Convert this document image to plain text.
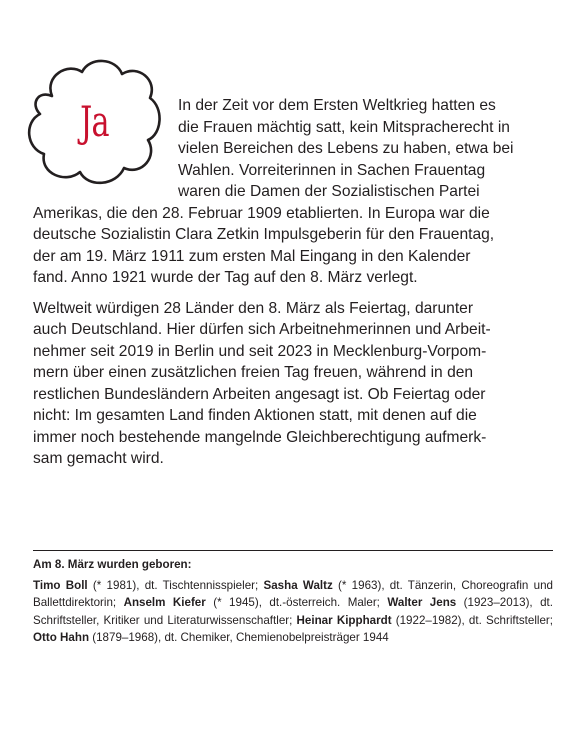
Ja	In der Zeit vor dem Ersten Weltkrieg hatten es
die Frauen mächtig satt, kein Mitspracherecht in
vielen Bereichen des Lebens zu haben, etwa bei
Wahlen. Vorreiterinnen in Sachen Frauentag
waren die Damen der Sozialistischen Partei
Amerikas, die den 28. Februar 1909 etablierten. In Europa war die
deutsche Sozialistin Clara Zetkin Impulsgeberin für den Frauentag,
der am 19. März 1911 zum ersten Mal Eingang in den Kalender
fand. Anno 1921 wurde der Tag auf den 8. März verlegt.
Weltweit würdigen 28 Länder den 8. März als Feiertag, darunter
auch Deutschland. Hier dürfen sich Arbeitnehmerinnen und Arbeit-
nehmer seit 2019 in Berlin und seit 2023 in Mecklenburg-Vorpom-
mern über einen zusätzlichen freien Tag freuen, während in den
restlichen Bundesländern Arbeiten angesagt ist. Ob Feiertag oder
nicht: Im gesamten Land finden Aktionen statt, mit denen auf die
immer noch bestehende mangelnde Gleichberechtigung aufmerk-
sam gemacht wird.
Am 8. März wurden geboren:
Timo Boll (* 1981), dt. Tischtennisspieler; Sasha Waltz (* 1963), dt. Tänzerin, Choreografin und Ballettdirektorin; Anselm Kiefer (* 1945), dt.-österreich. Maler; Walter Jens (1923–2013), dt. Schriftsteller, Kritiker und Literaturwissenschaftler; Heinar Kipphardt (1922–1982), dt. Schriftsteller; Otto Hahn (1879–1968), dt. Chemiker, Chemienobelpreisträger 1944
